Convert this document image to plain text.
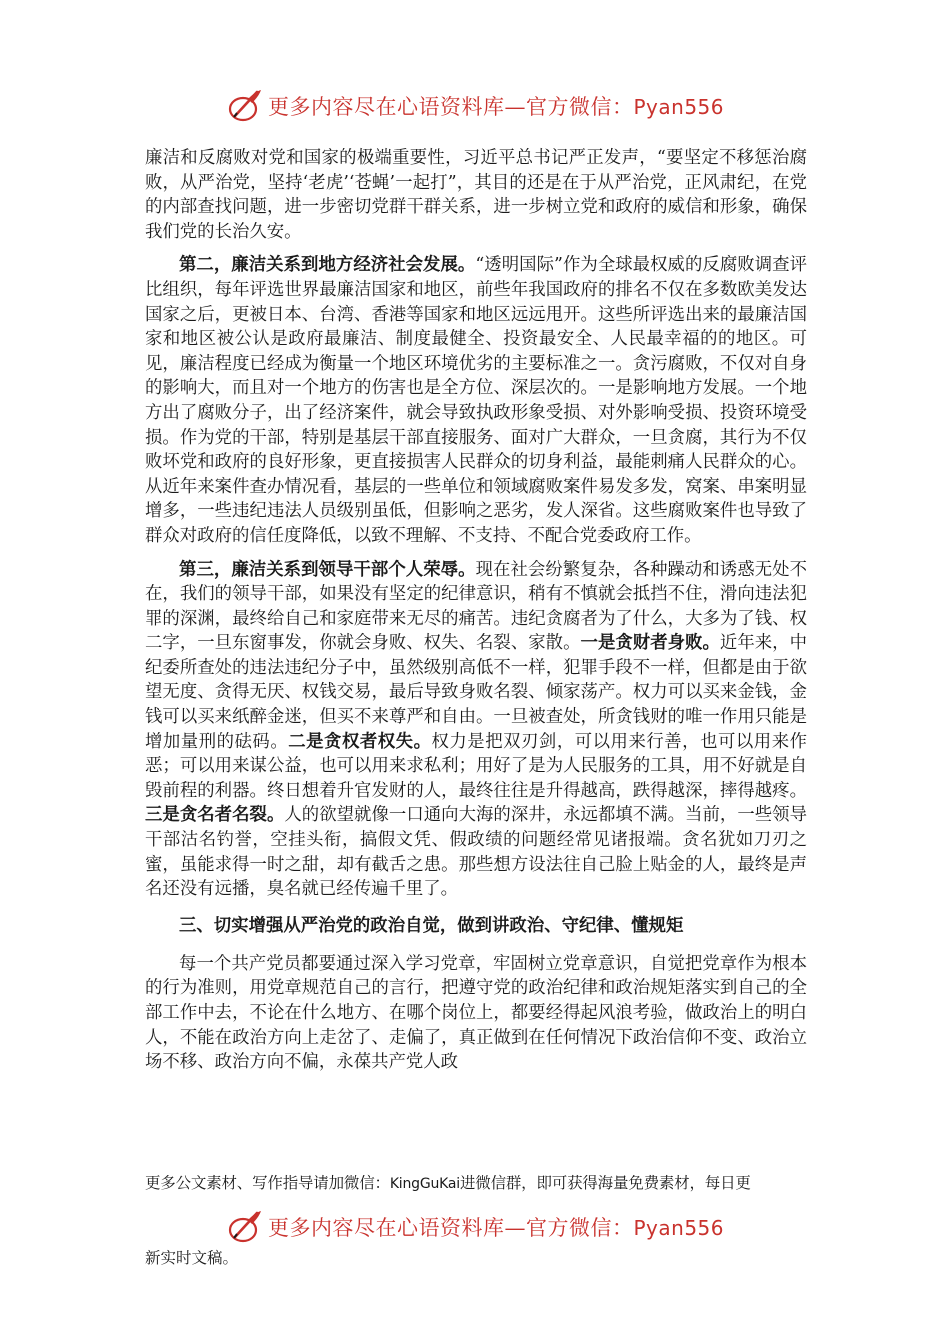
更多内容尽在心语资料库—官方微信：Pyan556

廉洁和反腐败对党和国家的极端重要性，习近平总书记严正发声，“要坚定不移惩治腐败，从严治党，坚持‘老虎’‘苍蝇’一起打”，其目的还是在于从严治党，正风肃纪，在党的内部查找问题，进一步密切党群干群关系，进一步树立党和政府的威信和形象，确保我们党的长治久安。

第二，廉洁关系到地方经济社会发展。“透明国际”作为全球最权威的反腐败调查评比组织，每年评选世界最廉洁国家和地区，前些年我国政府的排名不仅在多数欧美发达国家之后，更被日本、台湾、香港等国家和地区远远甩开。这些所评选出来的最廉洁国家和地区被公认是政府最廉洁、制度最健全、投资最安全、人民最幸福的的地区。可见，廉洁程度已经成为衡量一个地区环境优劣的主要标准之一。贪污腐败，不仅对自身的影响大，而且对一个地方的伤害也是全方位、深层次的。一是影响地方发展。一个地方出了腐败分子，出了经济案件，就会导致执政形象受损、对外影响受损、投资环境受损。作为党的干部，特别是基层干部直接服务、面对广大群众，一旦贪腐，其行为不仅败坏党和政府的良好形象，更直接损害人民群众的切身利益，最能刺痛人民群众的心。从近年来案件查办情况看，基层的一些单位和领域腐败案件易发多发，窝案、串案明显增多，一些违纪违法人员级别虽低，但影响之恶劣，发人深省。这些腐败案件也导致了群众对政府的信任度降低，以致不理解、不支持、不配合党委政府工作。

第三，廉洁关系到领导干部个人荣辱。现在社会纷繁复杂，各种躁动和诱惑无处不在，我们的领导干部，如果没有坚定的纪律意识，稍有不慎就会抵挡不住，滑向违法犯罪的深渊，最终给自己和家庭带来无尽的痛苦。违纪贪腐者为了什么，大多为了钱、权二字，一旦东窗事发，你就会身败、权失、名裂、家散。一是贪财者身败。近年来，中纪委所查处的违法违纪分子中，虽然级别高低不一样，犯罪手段不一样，但都是由于欲望无度、贪得无厌、权钱交易，最后导致身败名裂、倾家荡产。权力可以买来金钱，金钱可以买来纸醉金迷，但买不来尊严和自由。一旦被查处，所贪钱财的唯一作用只能是增加量刑的砝码。二是贪权者权失。权力是把双刃剑，可以用来行善，也可以用来作恶；可以用来谋公益，也可以用来求私利；用好了是为人民服务的工具，用不好就是自毁前程的利器。终日想着升官发财的人，最终往往是升得越高，跌得越深，摔得越疼。三是贪名者名裂。人的欲望就像一口通向大海的深井，永远都填不满。当前，一些领导干部沽名钓誉，空挂头衔，搞假文凭、假政绩的问题经常见诸报端。贪名犹如刀刃之蜜，虽能求得一时之甜，却有截舌之患。那些想方设法往自己脸上贴金的人，最终是声名还没有远播，臭名就已经传遍千里了。

三、切实增强从严治党的政治自觉，做到讲政治、守纪律、懂规矩

每一个共产党员都要通过深入学习党章，牢固树立党章意识，自觉把党章作为根本的行为准则，用党章规范自己的言行，把遵守党的政治纪律和政治规矩落实到自己的全部工作中去，不论在什么地方、在哪个岗位上，都要经得起风浪考验，做政治上的明白人，不能在政治方向上走岔了、走偏了，真正做到在任何情况下政治信仰不变、政治立场不移、政治方向不偏，永葆共产党人政

更多公文素材、写作指导请加微信：KingGuKai进微信群，即可获得海量免费素材，每日更
更多内容尽在心语资料库—官方微信：Pyan556
新实时文稿。
